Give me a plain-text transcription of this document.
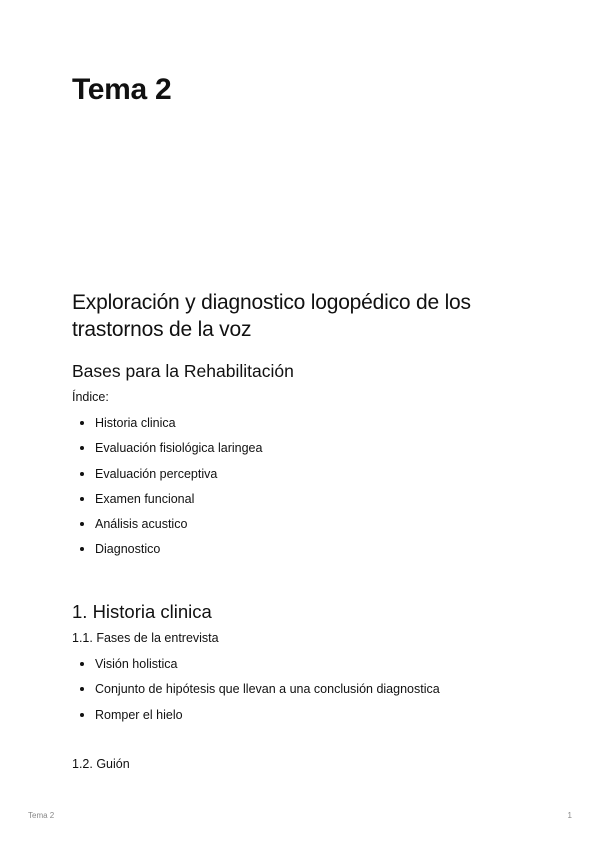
Tema 2
Exploración y diagnostico logopédico de los trastornos de la voz
Bases para la Rehabilitación
Índice:
Historia clinica
Evaluación fisiológica laringea
Evaluación perceptiva
Examen funcional
Análisis acustico
Diagnostico
1. Historia clinica
1.1. Fases de la entrevista
Visión holistica
Conjunto de hipótesis que llevan a una conclusión diagnostica
Romper el hielo
1.2. Guión
Tema 2	1
